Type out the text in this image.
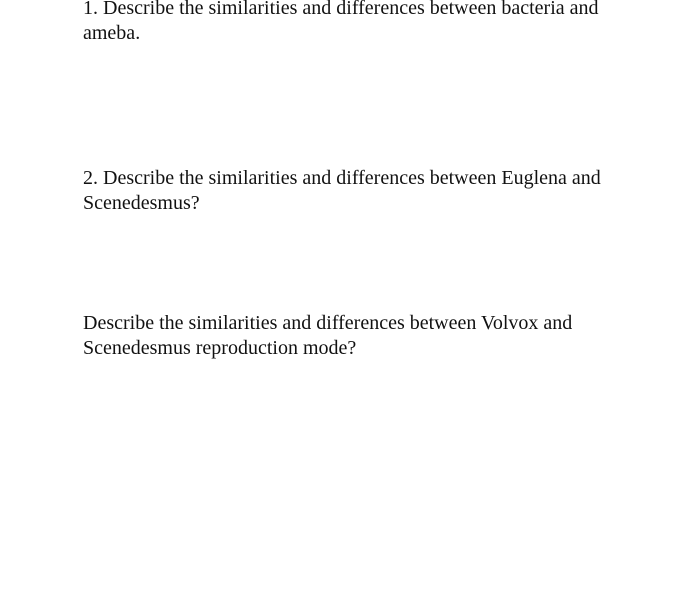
1. Describe the similarities and differences between bacteria and
ameba.

2. Describe the similarities and differences between Euglena and
Scenedesmus?

Describe the similarities and differences between Volvox and
Scenedesmus reproduction mode?
